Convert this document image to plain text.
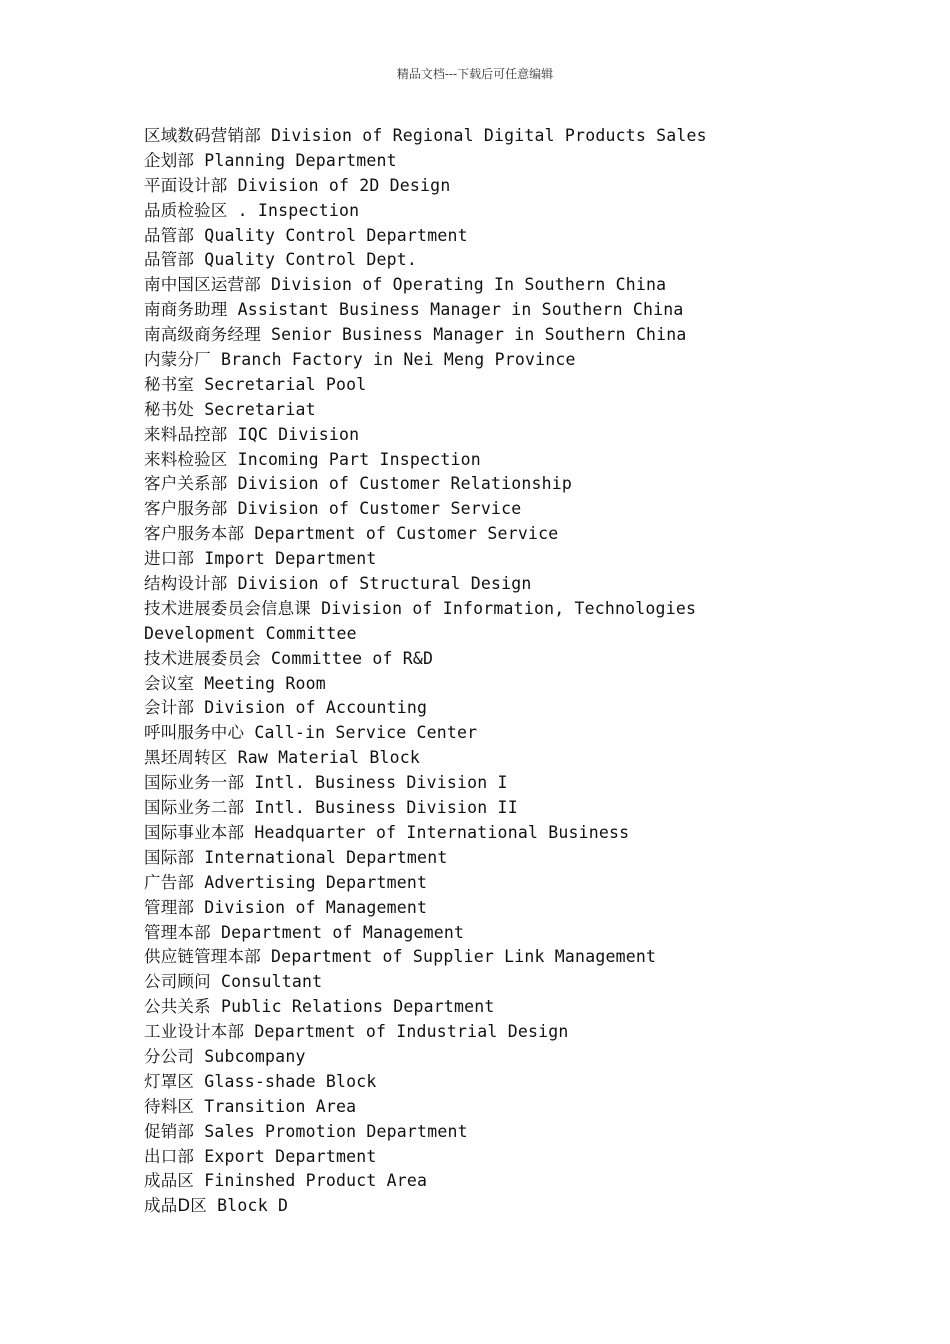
精品文档---下载后可任意编辑
区域数码营销部 Division of Regional Digital Products Sales
企划部 Planning Department
平面设计部 Division of 2D Design
品质检验区 . Inspection
品管部 Quality Control Department
品管部 Quality Control Dept.
南中国区运营部 Division of Operating In Southern China
南商务助理 Assistant Business Manager in Southern China
南高级商务经理 Senior Business Manager in Southern China
内蒙分厂 Branch Factory in Nei Meng Province
秘书室 Secretarial Pool
秘书处 Secretariat
来料品控部 IQC Division
来料检验区 Incoming Part Inspection
客户关系部 Division of Customer Relationship
客户服务部 Division of Customer Service
客户服务本部 Department of Customer Service
进口部 Import Department
结构设计部 Division of Structural Design
技术进展委员会信息课 Division of Information, Technologies
Development Committee
技术进展委员会 Committee of R&D
会议室 Meeting Room
会计部 Division of Accounting
呼叫服务中心 Call-in Service Center
黑坯周转区 Raw Material Block
国际业务一部 Intl. Business Division I
国际业务二部 Intl. Business Division II
国际事业本部 Headquarter of International Business
国际部 International Department
广告部 Advertising Department
管理部 Division of Management
管理本部 Department of Management
供应链管理本部 Department of Supplier Link Management
公司顾问 Consultant
公共关系 Public Relations Department
工业设计本部 Department of Industrial Design
分公司 Subcompany
灯罩区 Glass-shade Block
待料区 Transition Area
促销部 Sales Promotion Department
出口部 Export Department
成品区 Fininshed Product Area
成品D区 Block D
